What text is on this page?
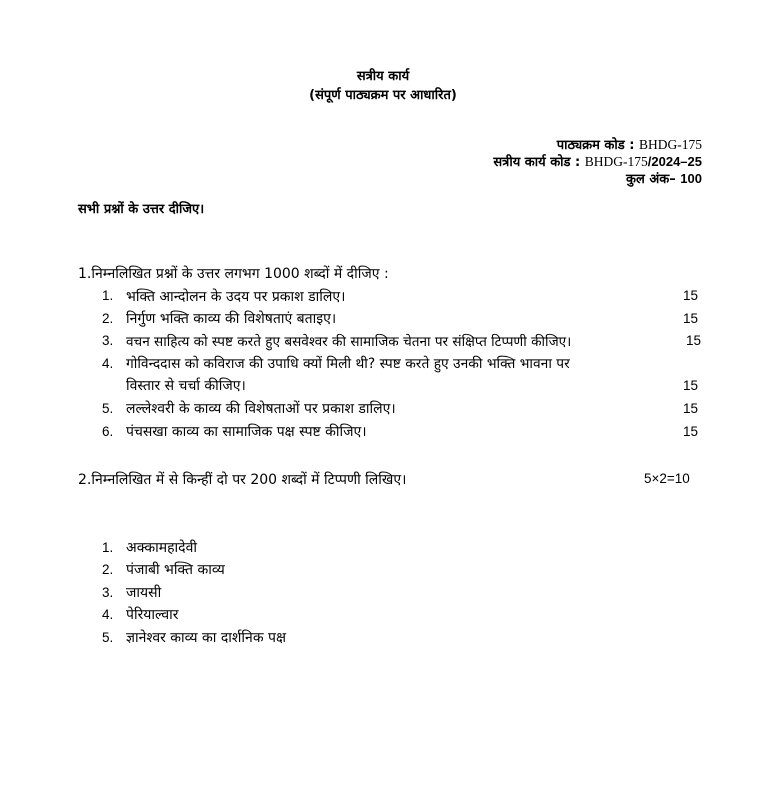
सत्रीय कार्य
(संपूर्ण पाठ्यक्रम पर आधारित)
पाठ्यक्रम कोड : BHDG-175
सत्रीय कार्य कोड : BHDG-175/2024–25
कुल अंक– 100
सभी प्रश्नों के उत्तर दीजिए।
1.निम्नलिखित प्रश्नों के उत्तर लगभग 1000 शब्दों में दीजिए :
1. भक्ति आन्दोलन के उदय पर प्रकाश डालिए।	15
2. निर्गुण भक्ति काव्य की विशेषताएं बताइए।	15
3. वचन साहित्य को स्पष्ट करते हुए बसवेश्वर की सामाजिक चेतना पर संक्षिप्त टिप्पणी कीजिए।	15
4. गोविन्ददास को कविराज की उपाधि क्यों मिली थी? स्पष्ट करते हुए उनकी भक्ति भावना पर
विस्तार से चर्चा कीजिए।	15
5. लल्लेश्वरी के काव्य की विशेषताओं पर प्रकाश डालिए।	15
6. पंचसखा काव्य का सामाजिक पक्ष स्पष्ट कीजिए।	15
2.निम्नलिखित में से किन्हीं दो पर 200 शब्दों में टिप्पणी लिखिए।	5×2=10
1. अक्कामहादेवी
2. पंजाबी भक्ति काव्य
3. जायसी
4. पेरियाल्वार
5. ज्ञानेश्वर काव्य का दार्शनिक पक्ष
